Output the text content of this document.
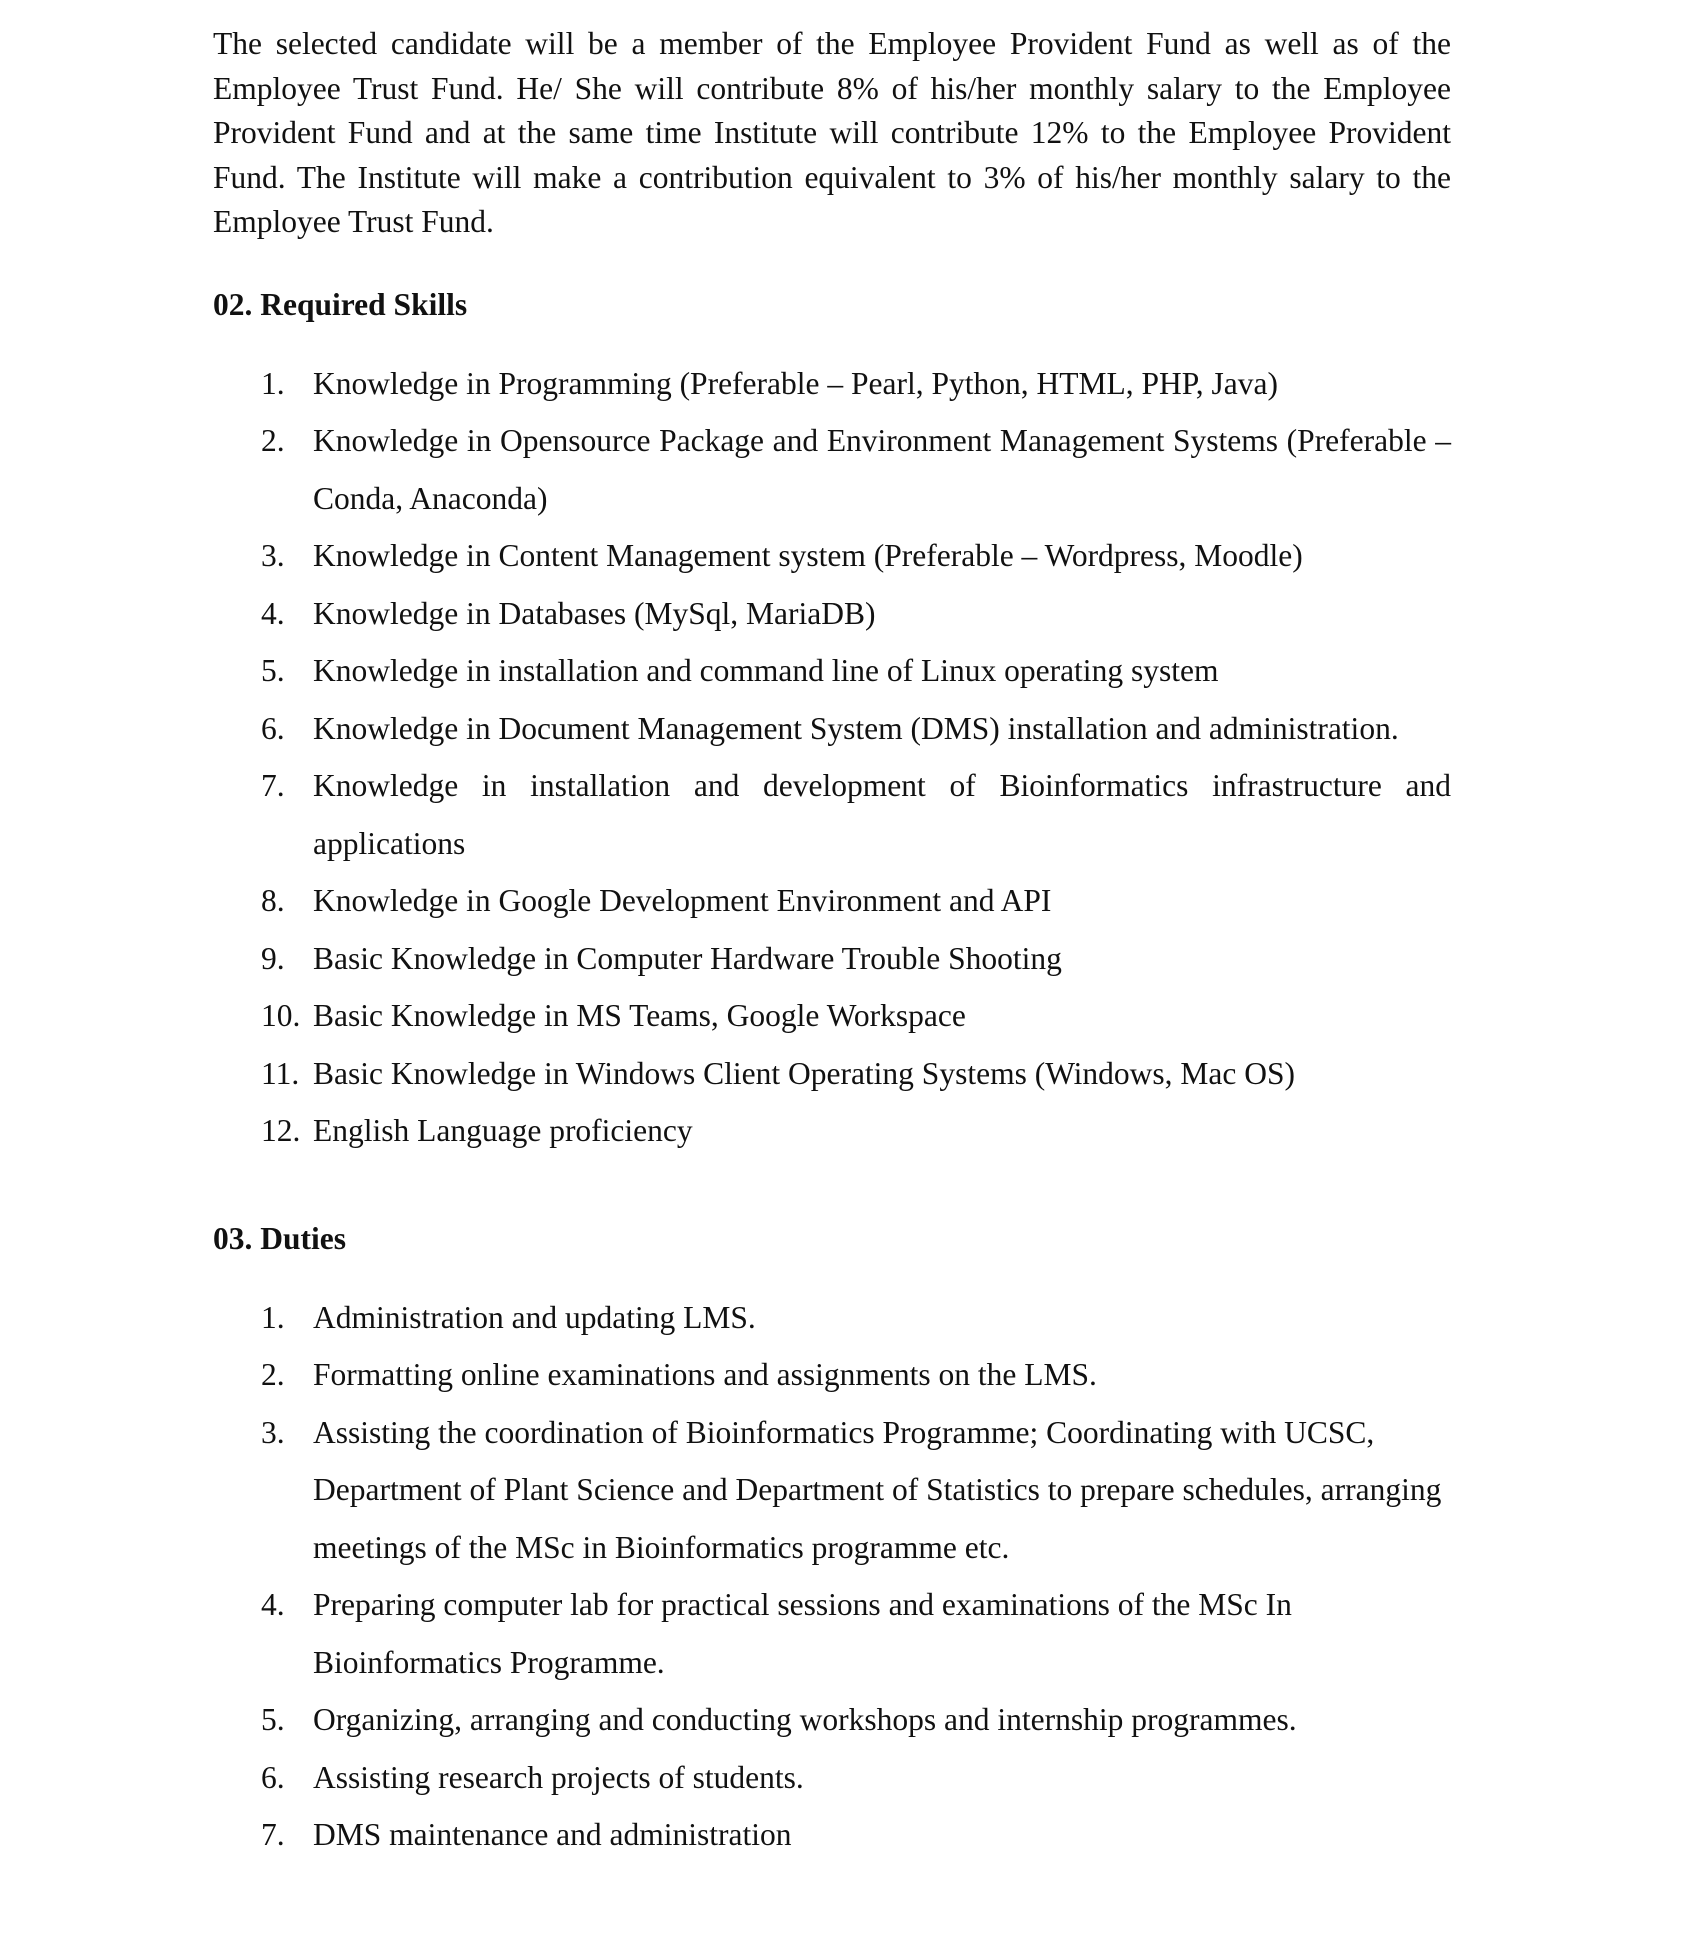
The selected candidate will be a member of the Employee Provident Fund as well as of the Employee Trust Fund. He/ She will contribute 8% of his/her monthly salary to the Employee Provident Fund and at the same time Institute will contribute 12% to the Employee Provident Fund. The Institute will make a contribution equivalent to 3% of his/her monthly salary to the Employee Trust Fund.

02. Required Skills
1. Knowledge in Programming (Preferable – Pearl, Python, HTML, PHP, Java)
2. Knowledge in Opensource Package and Environment Management Systems (Preferable –Conda, Anaconda)
3. Knowledge in Content Management system (Preferable – Wordpress, Moodle)
4. Knowledge in Databases (MySql, MariaDB)
5. Knowledge in installation and command line of Linux operating system
6. Knowledge in Document Management System (DMS) installation and administration.
7. Knowledge in installation and development of Bioinformatics infrastructure and applications
8. Knowledge in Google Development Environment and API
9. Basic Knowledge in Computer Hardware Trouble Shooting
10. Basic Knowledge in MS Teams, Google Workspace
11. Basic Knowledge in Windows Client Operating Systems (Windows, Mac OS)
12. English Language proficiency
03. Duties
1. Administration and updating LMS.
2. Formatting online examinations and assignments on the LMS.
3. Assisting the coordination of Bioinformatics Programme; Coordinating with UCSC, Department of Plant Science and Department of Statistics to prepare schedules, arranging meetings of the MSc in Bioinformatics programme etc.
4. Preparing computer lab for practical sessions and examinations of the MSc In Bioinformatics Programme.
5. Organizing, arranging and conducting workshops and internship programmes.
6. Assisting research projects of students.
7. DMS maintenance and administration
